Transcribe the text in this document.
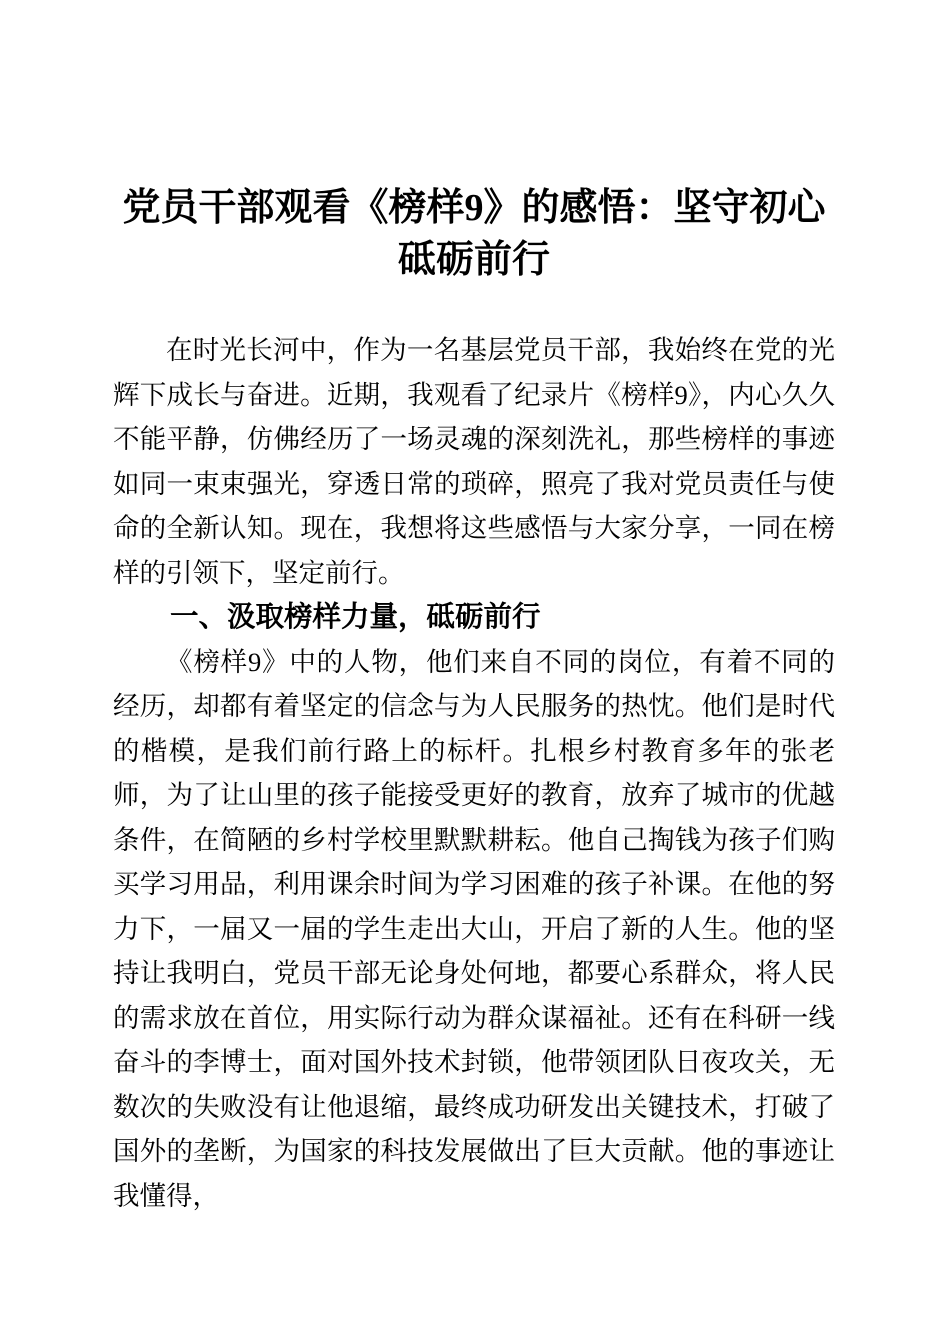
党员干部观看《榜样9》的感悟：坚守初心 砥砺前行

在时光长河中，作为一名基层党员干部，我始终在党的光辉下成长与奋进。近期，我观看了纪录片《榜样9》，内心久久不能平静，仿佛经历了一场灵魂的深刻洗礼，那些榜样的事迹如同一束束强光，穿透日常的琐碎，照亮了我对党员责任与使命的全新认知。现在，我想将这些感悟与大家分享，一同在榜样的引领下，坚定前行。

一、汲取榜样力量，砥砺前行

《榜样9》中的人物，他们来自不同的岗位，有着不同的经历，却都有着坚定的信念与为人民服务的热忱。他们是时代的楷模，是我们前行路上的标杆。扎根乡村教育多年的张老师，为了让山里的孩子能接受更好的教育，放弃了城市的优越条件，在简陋的乡村学校里默默耕耘。他自己掏钱为孩子们购买学习用品，利用课余时间为学习困难的孩子补课。在他的努力下，一届又一届的学生走出大山，开启了新的人生。他的坚持让我明白，党员干部无论身处何地，都要心系群众，将人民的需求放在首位，用实际行动为群众谋福祉。还有在科研一线奋斗的李博士，面对国外技术封锁，他带领团队日夜攻关，无数次的失败没有让他退缩，最终成功研发出关键技术，打破了国外的垄断，为国家的科技发展做出了巨大贡献。他的事迹让我懂得，
